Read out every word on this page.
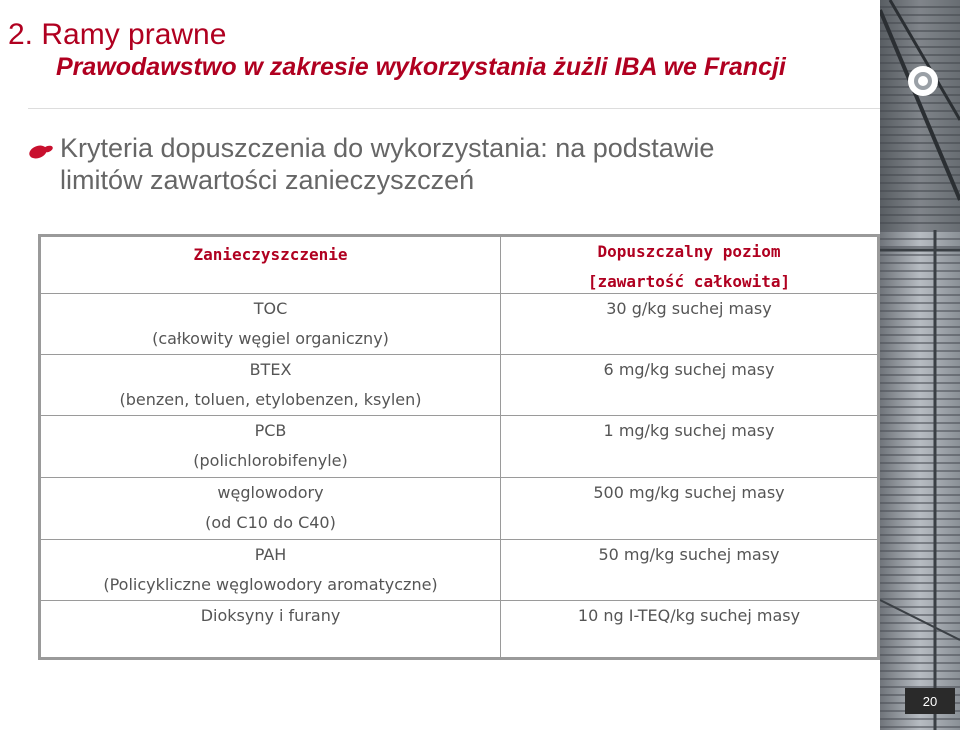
2. Ramy prawne
Prawodawstwo w zakresie wykorzystania żużli IBA we Francji
Kryteria dopuszczenia do wykorzystania: na podstawie
limitów zawartości zanieczyszczeń
Zanieczyszczenie	Dopuszczalny poziom
[zawartość całkowita]
TOC
(całkowity węgiel organiczny)
30 g/kg suchej masy
BTEX
(benzen, toluen, etylobenzen, ksylen)
6 mg/kg suchej masy
PCB
(polichlorobifenyle)
1 mg/kg suchej masy
węglowodory
(od C10 do C40)
500 mg/kg suchej masy
PAH
(Policykliczne węglowodory aromatyczne)
50 mg/kg suchej masy
Dioksyny i furany	10 ng I-TEQ/kg suchej masy
20
